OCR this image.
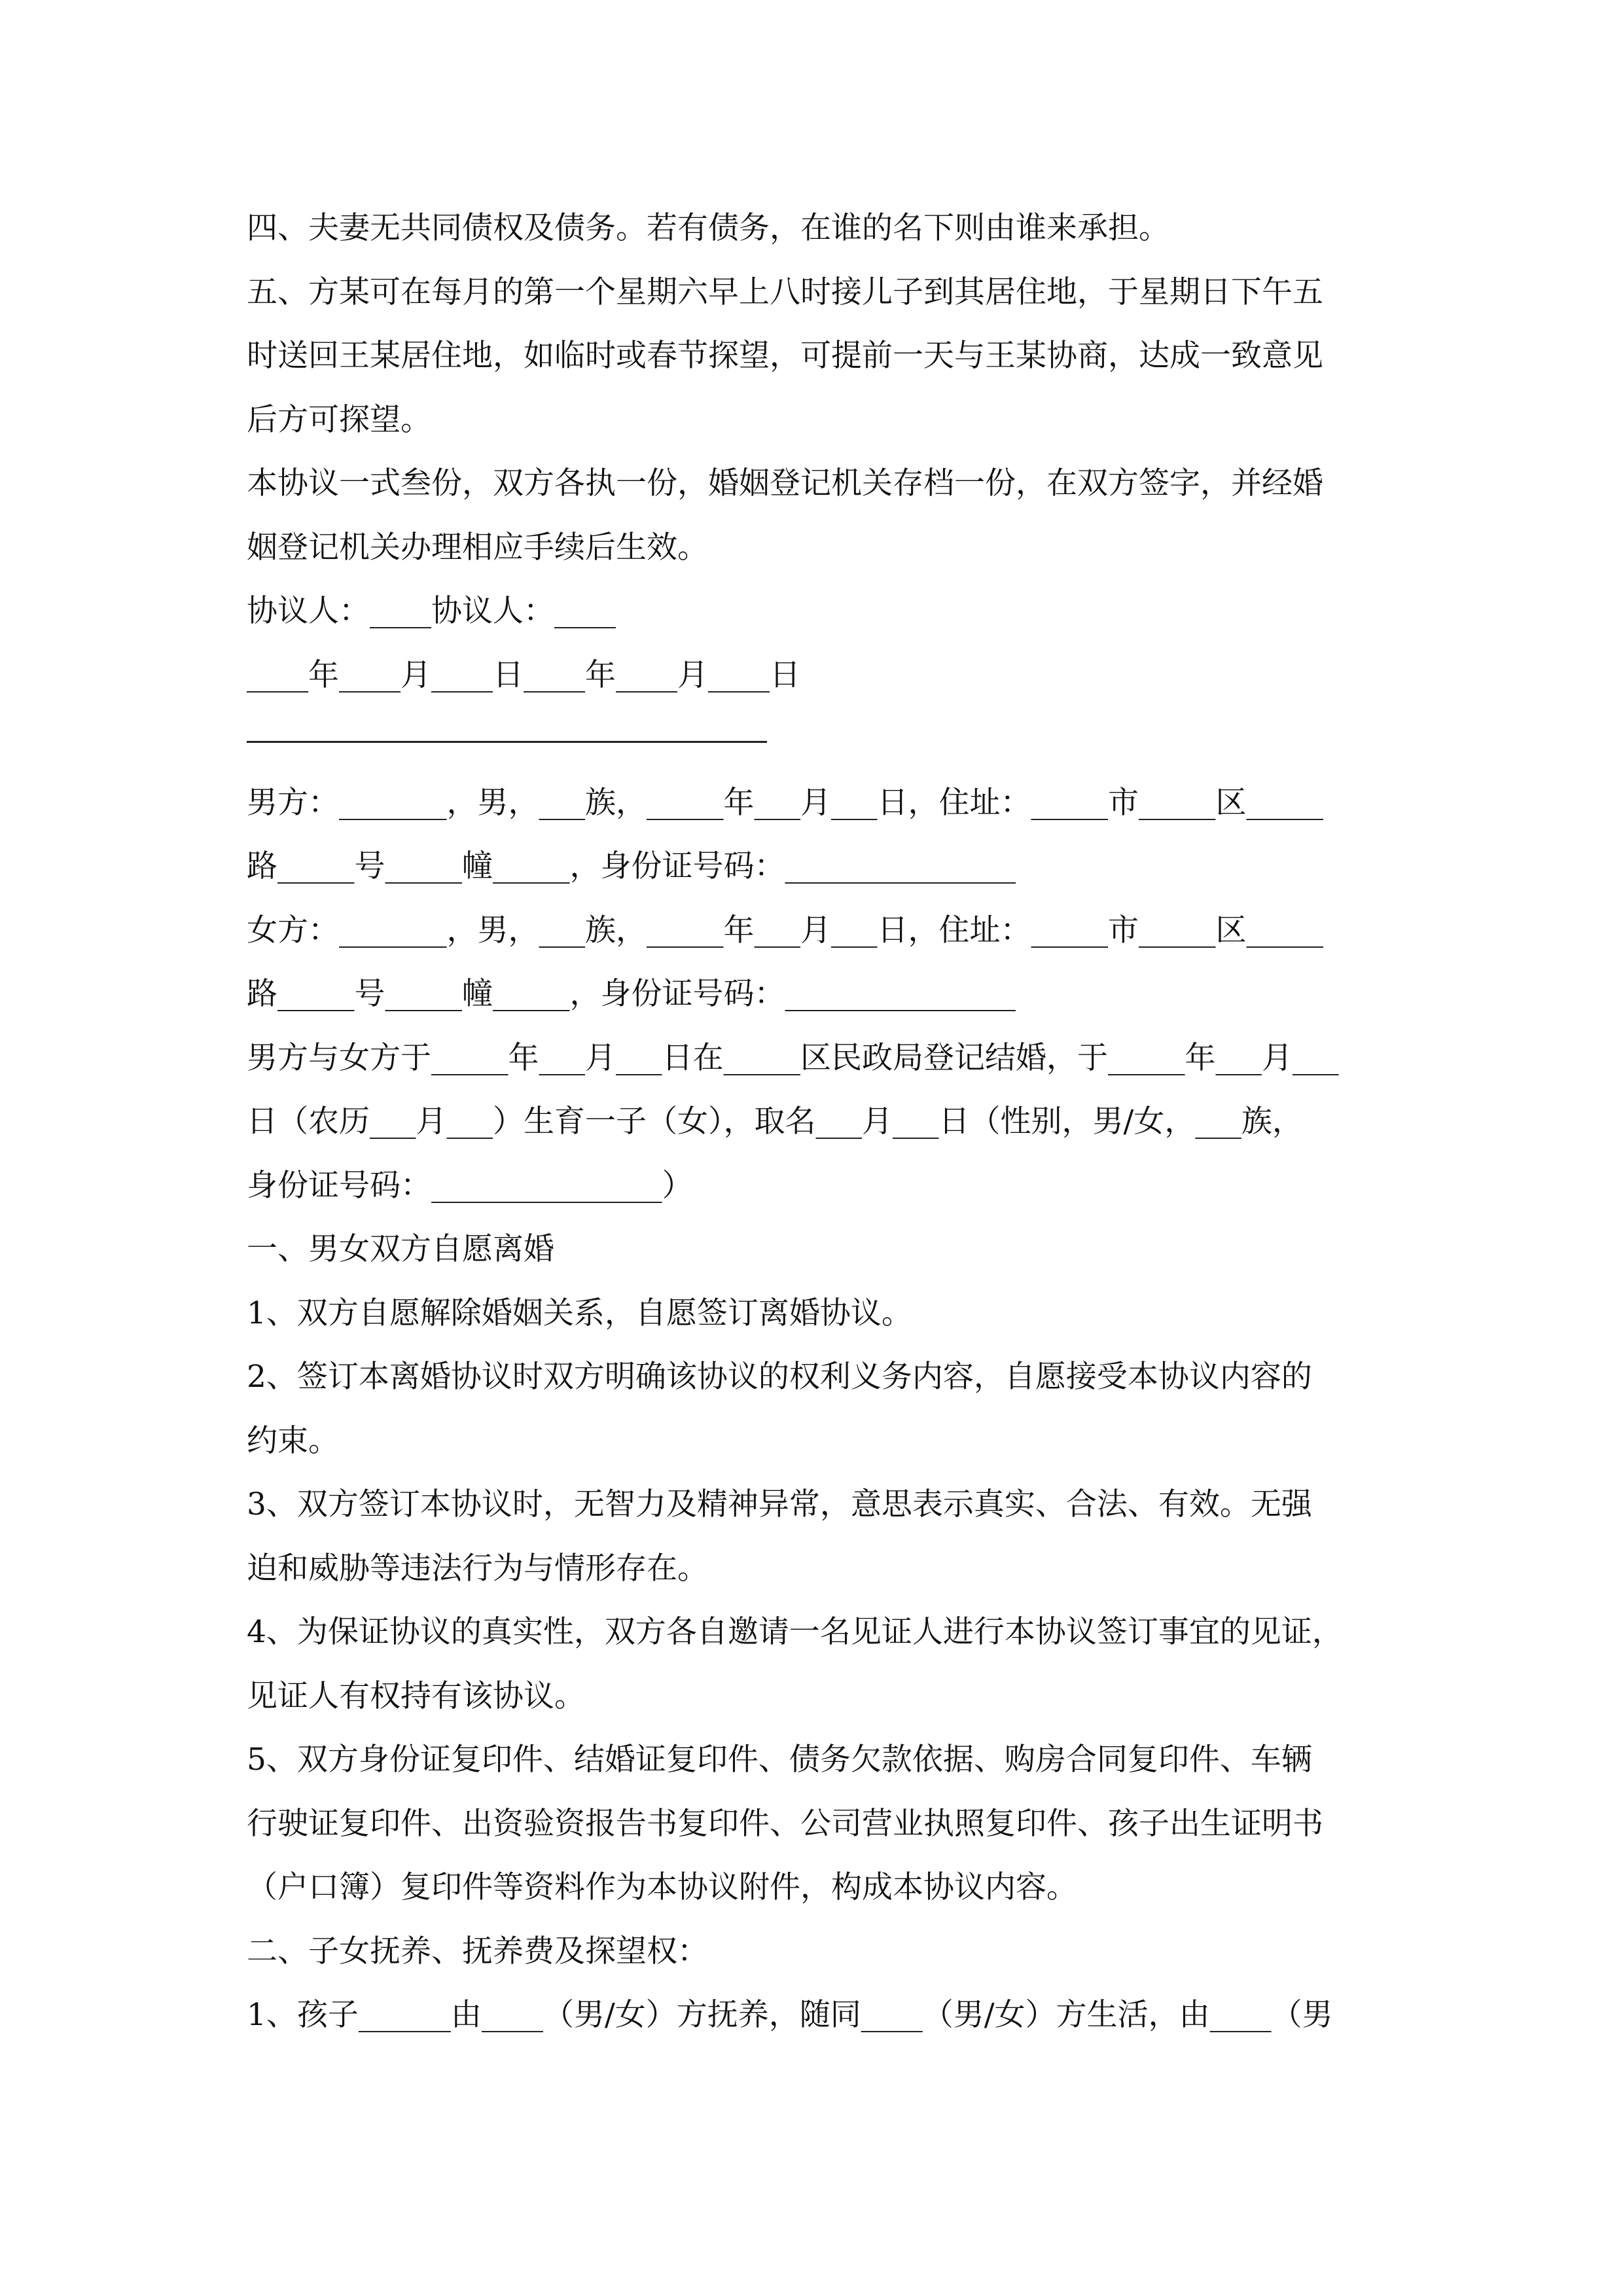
四、夫妻无共同债权及债务。若有债务，在谁的名下则由谁来承担。
五、方某可在每月的第一个星期六早上八时接儿子到其居住地，于星期日下午五
时送回王某居住地，如临时或春节探望，可提前一天与王某协商，达成一致意见
后方可探望。
本协议一式叁份，双方各执一份，婚姻登记机关存档一份，在双方签字，并经婚
姻登记机关办理相应手续后生效。
协议人：____协议人：____
____年____月____日____年____月____日
男方：_______，男，___族，_____年___月___日，住址：_____市_____区_____
路_____号_____幢_____，身份证号码：_______________
女方：_______，男，___族，_____年___月___日，住址：_____市_____区_____
路_____号_____幢_____，身份证号码：_______________
男方与女方于_____年___月___日在_____区民政局登记结婚，于_____年___月___
日（农历___月___）生育一子（女），取名___月___日（性别，男/女，___族，
身份证号码：_______________）
一、男女双方自愿离婚
1、双方自愿解除婚姻关系，自愿签订离婚协议。
2、签订本离婚协议时双方明确该协议的权利义务内容，自愿接受本协议内容的
约束。
3、双方签订本协议时，无智力及精神异常，意思表示真实、合法、有效。无强
迫和威胁等违法行为与情形存在。
4、为保证协议的真实性，双方各自邀请一名见证人进行本协议签订事宜的见证，
见证人有权持有该协议。
5、双方身份证复印件、结婚证复印件、债务欠款依据、购房合同复印件、车辆
行驶证复印件、出资验资报告书复印件、公司营业执照复印件、孩子出生证明书
（户口簿）复印件等资料作为本协议附件，构成本协议内容。
二、子女抚养、抚养费及探望权：
1、孩子______由____（男/女）方抚养，随同____（男/女）方生活，由____（男
